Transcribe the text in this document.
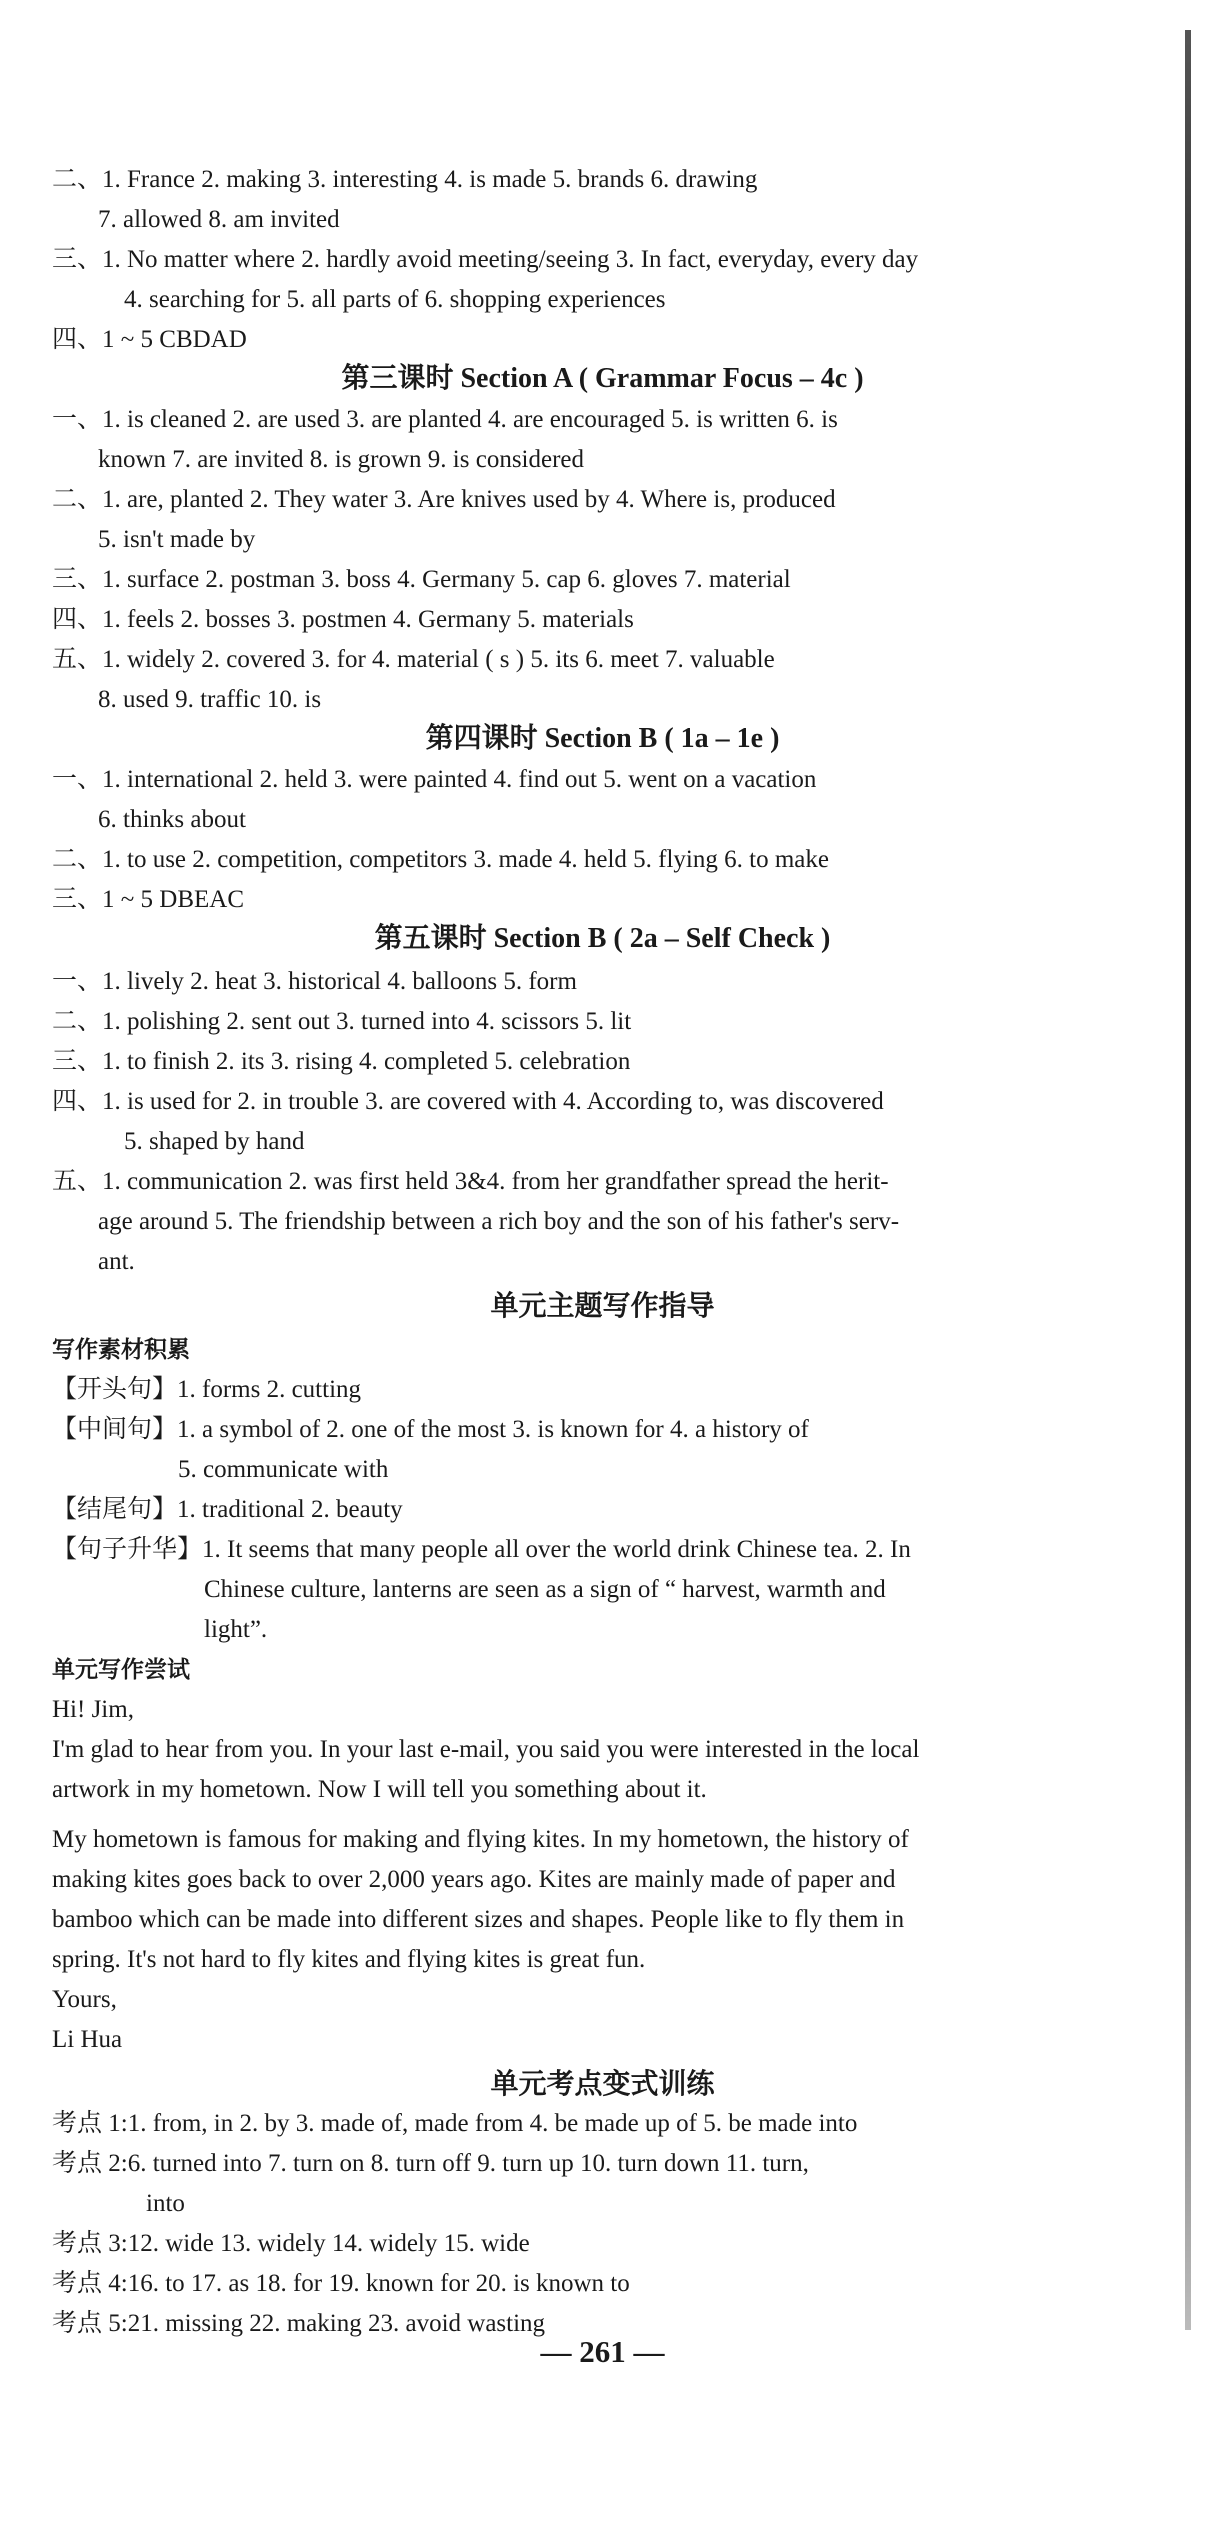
二、1. France 2. making 3. interesting 4. is made 5. brands 6. drawing
7. allowed 8. am invited
三、1. No matter where 2. hardly avoid meeting/seeing 3. In fact, everyday, every day
4. searching for 5. all parts of 6. shopping experiences
四、1 ~ 5 CBDAD
第三课时 Section A ( Grammar Focus – 4c )
一、1. is cleaned 2. are used 3. are planted 4. are encouraged 5. is written 6. is
known 7. are invited 8. is grown 9. is considered
二、1. are, planted 2. They water 3. Are knives used by 4. Where is, produced
5. isn't made by
三、1. surface 2. postman 3. boss 4. Germany 5. cap 6. gloves 7. material
四、1. feels 2. bosses 3. postmen 4. Germany 5. materials
五、1. widely 2. covered 3. for 4. material ( s ) 5. its 6. meet 7. valuable
8. used 9. traffic 10. is
第四课时 Section B ( 1a – 1e )
一、1. international 2. held 3. were painted 4. find out 5. went on a vacation
6. thinks about
二、1. to use 2. competition, competitors 3. made 4. held 5. flying 6. to make
三、1 ~ 5 DBEAC
第五课时 Section B ( 2a – Self Check )
一、1. lively 2. heat 3. historical 4. balloons 5. form
二、1. polishing 2. sent out 3. turned into 4. scissors 5. lit
三、1. to finish 2. its 3. rising 4. completed 5. celebration
四、1. is used for 2. in trouble 3. are covered with 4. According to, was discovered
5. shaped by hand
五、1. communication 2. was first held 3&4. from her grandfather spread the herit-
age around 5. The friendship between a rich boy and the son of his father's serv-
ant.
单元主题写作指导
写作素材积累
【开头句】1. forms 2. cutting
【中间句】1. a symbol of 2. one of the most 3. is known for 4. a history of
5. communicate with
【结尾句】1. traditional 2. beauty
【句子升华】1. It seems that many people all over the world drink Chinese tea. 2. In
Chinese culture, lanterns are seen as a sign of “ harvest, warmth and
light”.
单元写作尝试
Hi! Jim,
I'm glad to hear from you. In your last e-mail, you said you were interested in the local
artwork in my hometown. Now I will tell you something about it.
My hometown is famous for making and flying kites. In my hometown, the history of
making kites goes back to over 2,000 years ago. Kites are mainly made of paper and
bamboo which can be made into different sizes and shapes. People like to fly them in
spring. It's not hard to fly kites and flying kites is great fun.
Yours,
Li Hua
单元考点变式训练
考点 1:1. from, in 2. by 3. made of, made from 4. be made up of 5. be made into
考点 2:6. turned into 7. turn on 8. turn off 9. turn up 10. turn down 11. turn,
into
考点 3:12. wide 13. widely 14. widely 15. wide
考点 4:16. to 17. as 18. for 19. known for 20. is known to
考点 5:21. missing 22. making 23. avoid wasting
— 261 —
